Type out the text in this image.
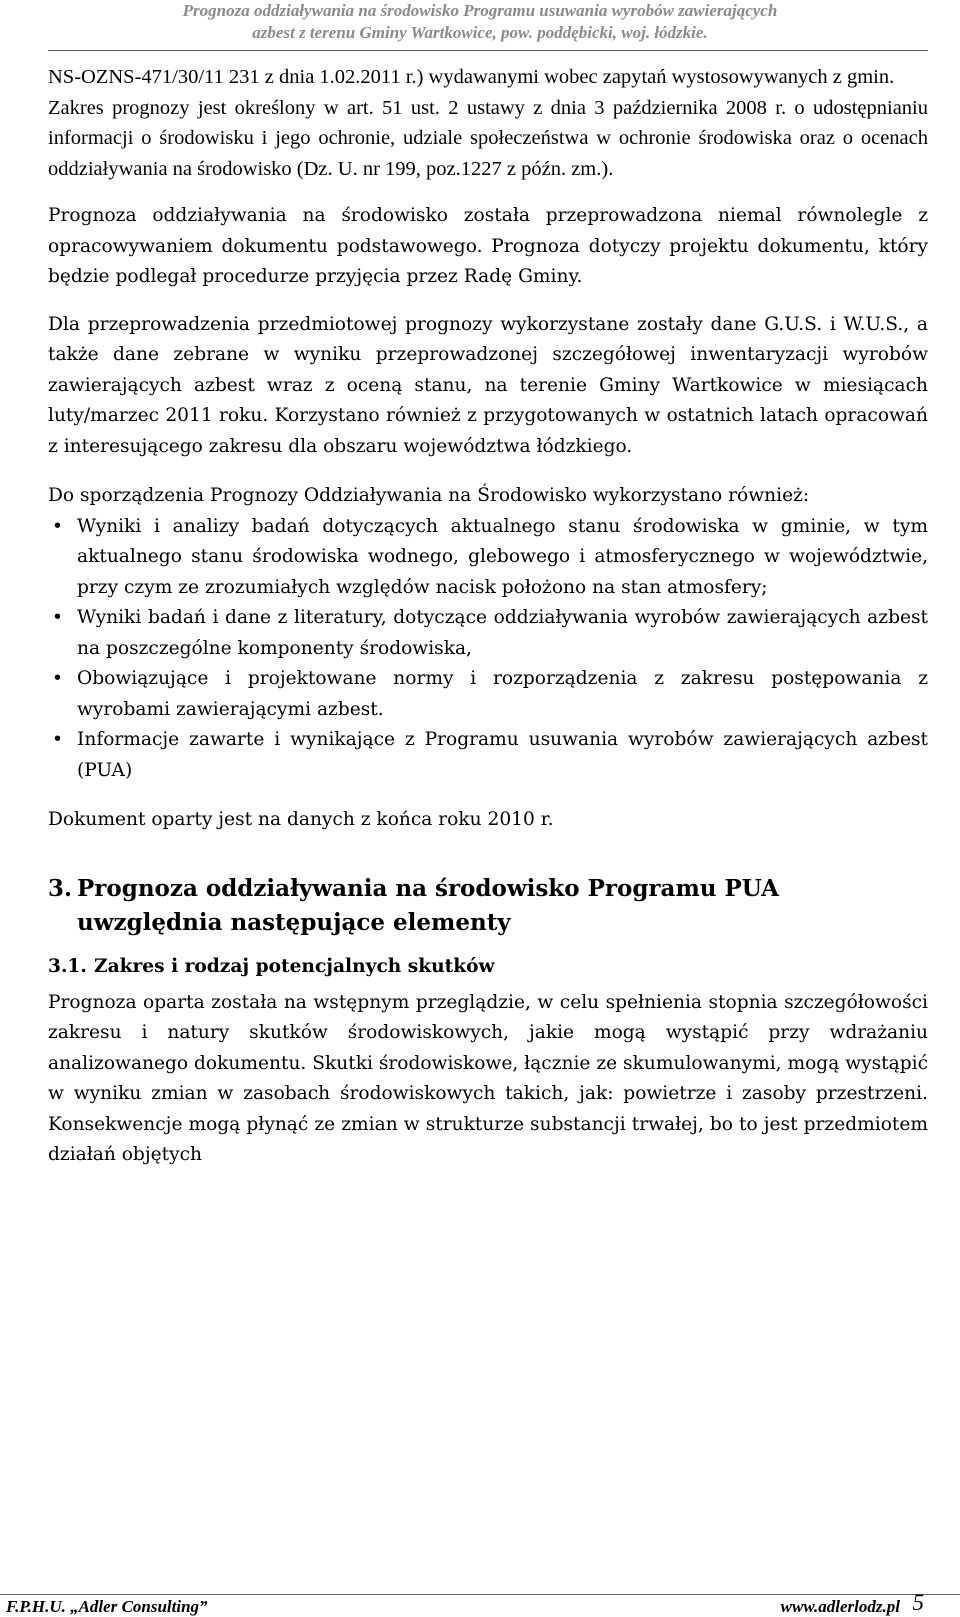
Prognoza oddziaływania na środowisko Programu usuwania wyrobów zawierających
azbest z terenu Gminy Wartkowice, pow. poddębicki, woj. łódzkie.

NS-OZNS-471/30/11 231 z dnia 1.02.2011 r.) wydawanymi wobec zapytań wystosowywanych z gmin.

Zakres prognozy jest określony w art. 51 ust. 2 ustawy z dnia 3 października 2008 r. o udostępnianiu informacji o środowisku i jego ochronie, udziale społeczeństwa w ochronie środowiska oraz o ocenach oddziaływania na środowisko (Dz. U. nr 199, poz.1227 z późn. zm.).

Prognoza oddziaływania na środowisko została przeprowadzona niemal równolegle z opracowywaniem dokumentu podstawowego. Prognoza dotyczy projektu dokumentu, który będzie podlegał procedurze przyjęcia przez Radę Gminy.

Dla przeprowadzenia przedmiotowej prognozy wykorzystane zostały dane G.U.S. i W.U.S., a także dane zebrane w wyniku przeprowadzonej szczegółowej inwentaryzacji wyrobów zawierających azbest wraz z oceną stanu, na terenie Gminy Wartkowice w miesiącach luty/marzec 2011 roku. Korzystano również z przygotowanych w ostatnich latach opracowań z interesującego zakresu dla obszaru województwa łódzkiego.

Do sporządzenia Prognozy Oddziaływania na Środowisko wykorzystano również:

• Wyniki i analizy badań dotyczących aktualnego stanu środowiska w gminie, w tym aktualnego stanu środowiska wodnego, glebowego i atmosferycznego w województwie, przy czym ze zrozumiałych względów nacisk położono na stan atmosfery;
• Wyniki badań i dane z literatury, dotyczące oddziaływania wyrobów zawierających azbest na poszczególne komponenty środowiska,
• Obowiązujące i projektowane normy i rozporządzenia z zakresu postępowania z wyrobami zawierającymi azbest.
• Informacje zawarte i wynikające z Programu usuwania wyrobów zawierających azbest (PUA)

Dokument oparty jest na danych z końca roku 2010 r.

3. Prognoza oddziaływania na środowisko Programu PUA uwzględnia następujące elementy
3.1. Zakres i rodzaj potencjalnych skutków

Prognoza oparta została na wstępnym przeglądzie, w celu spełnienia stopnia szczegółowości zakresu i natury skutków środowiskowych, jakie mogą wystąpić przy wdrażaniu analizowanego dokumentu. Skutki środowiskowe, łącznie ze skumulowanymi, mogą wystąpić w wyniku zmian w zasobach środowiskowych takich, jak: powietrze i zasoby przestrzeni. Konsekwencje mogą płynąć ze zmian w strukturze substancji trwałej, bo to jest przedmiotem działań objętych

F.P.H.U. „Adler Consulting”	www.adlerlodz.pl 5
